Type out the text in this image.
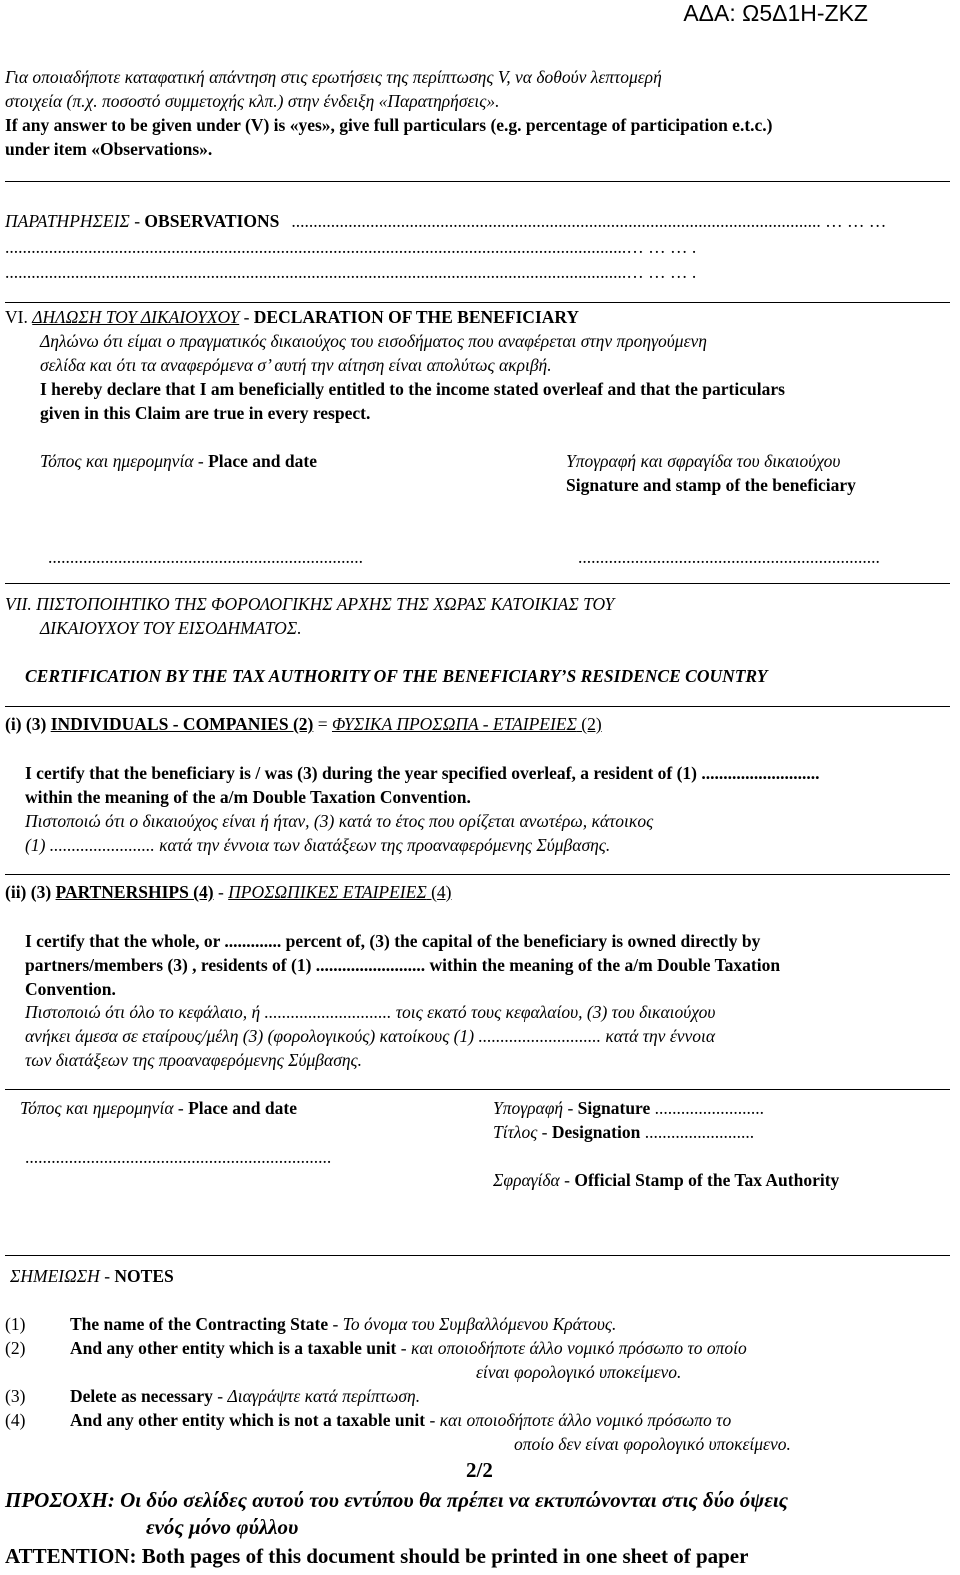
ΑΔΑ: Ω5Δ1Η-ΖΚΖ
Για οποιαδήποτε καταφατική απάντηση στις ερωτήσεις της περίπτωσης V, να δοθούν λεπτομερή
στοιχεία (π.χ. ποσοστό συμμετοχής κλπ.) στην ένδειξη «Παρατηρήσεις».
If any answer to be given under (V) is «yes», give full particulars (e.g. percentage of participation e.t.c.)
under item «Observations».
ΠΑΡΑΤΗΡΗΣΕΙΣ - OBSERVATIONS ......................................................................................................................... … … …
..............................................................................................................................................… … … .
..............................................................................................................................................… … … .
VI. ΔΗΛΩΣΗ ΤΟΥ ΔΙΚΑΙΟΥΧΟΥ - DECLARATION OF THE BENEFICIARY
Δηλώνω ότι είμαι ο πραγματικός δικαιούχος του εισοδήματος που αναφέρεται στην προηγούμενη
σελίδα και ότι τα αναφερόμενα σ’ αυτή την αίτηση είναι απολύτως ακριβή.
I hereby declare that I am beneficially entitled to the income stated overleaf and that the particulars
given in this Claim are true in every respect.
Τόπος και ημερομηνία - Place and date	Υπογραφή και σφραγίδα του δικαιούχου
Signature and stamp of the beneficiary
........................................................................	.....................................................................
VII. ΠΙΣΤΟΠΟΙΗΤΙΚΟ ΤΗΣ ΦΟΡΟΛΟΓΙΚΗΣ ΑΡΧΗΣ ΤΗΣ ΧΩΡΑΣ ΚΑΤΟΙΚΙΑΣ ΤΟΥ
ΔΙΚΑΙΟΥΧΟΥ ΤΟΥ ΕΙΣΟΔΗΜΑΤΟΣ.
CERTIFICATION BY THE TAX AUTHORITY OF THE BENEFICIARY’S RESIDENCE COUNTRY
(i) (3) INDIVIDUALS - COMPANIES (2) = ΦΥΣΙΚΑ ΠΡΟΣΩΠΑ - ΕΤΑΙΡΕΙΕΣ (2)
I certify that the beneficiary is / was (3) during the year specified overleaf, a resident of (1) ...........................
within the meaning of the a/m Double Taxation Convention.
Πιστοποιώ ότι ο δικαιούχος είναι ή ήταν, (3) κατά το έτος που ορίζεται ανωτέρω, κάτοικος
(1) ........................ κατά την έννοια των διατάξεων της προαναφερόμενης Σύμβασης.
(ii) (3) PARTNERSHIPS (4) - ΠΡΟΣΩΠΙΚΕΣ ΕΤΑΙΡΕΙΕΣ (4)
I certify that the whole, or ............. percent of, (3) the capital of the beneficiary is owned directly by
partners/members (3) , residents of (1) ......................... within the meaning of the a/m Double Taxation
Convention.
Πιστοποιώ ότι όλο το κεφάλαιο, ή ............................. τοις εκατό τους κεφαλαίου, (3) του δικαιούχου
ανήκει άμεσα σε εταίρους/μέλη (3) (φορολογικούς) κατοίκους (1) ............................ κατά την έννοια
των διατάξεων της προαναφερόμενης Σύμβασης.
Τόπος και ημερομηνία - Place and date
......................................................................
Υπογραφή - Signature .........................
Τίτλος - Designation .........................
Σφραγίδα - Official Stamp of the Tax Authority
ΣΗΜΕΙΩΣΗ - NOTES
(1)	The name of the Contracting State - Το όνομα του Συμβαλλόμενου Κράτους.
(2)	And any other entity which is a taxable unit - και οποιοδήποτε άλλο νομικό πρόσωπο το οποίο
είναι φορολογικό υποκείμενο.
(3)	Delete as necessary - Διαγράψτε κατά περίπτωση.
(4)	And any other entity which is not a taxable unit - και οποιοδήποτε άλλο νομικό πρόσωπο το
οποίο δεν είναι φορολογικό υποκείμενο.
2/2
ΠΡΟΣΟΧΗ: Οι δύο σελίδες αυτού του εντύπου θα πρέπει να εκτυπώνονται στις δύο όψεις
ενός μόνο φύλλου
ATTENTION: Both pages of this document should be printed in one sheet of paper
